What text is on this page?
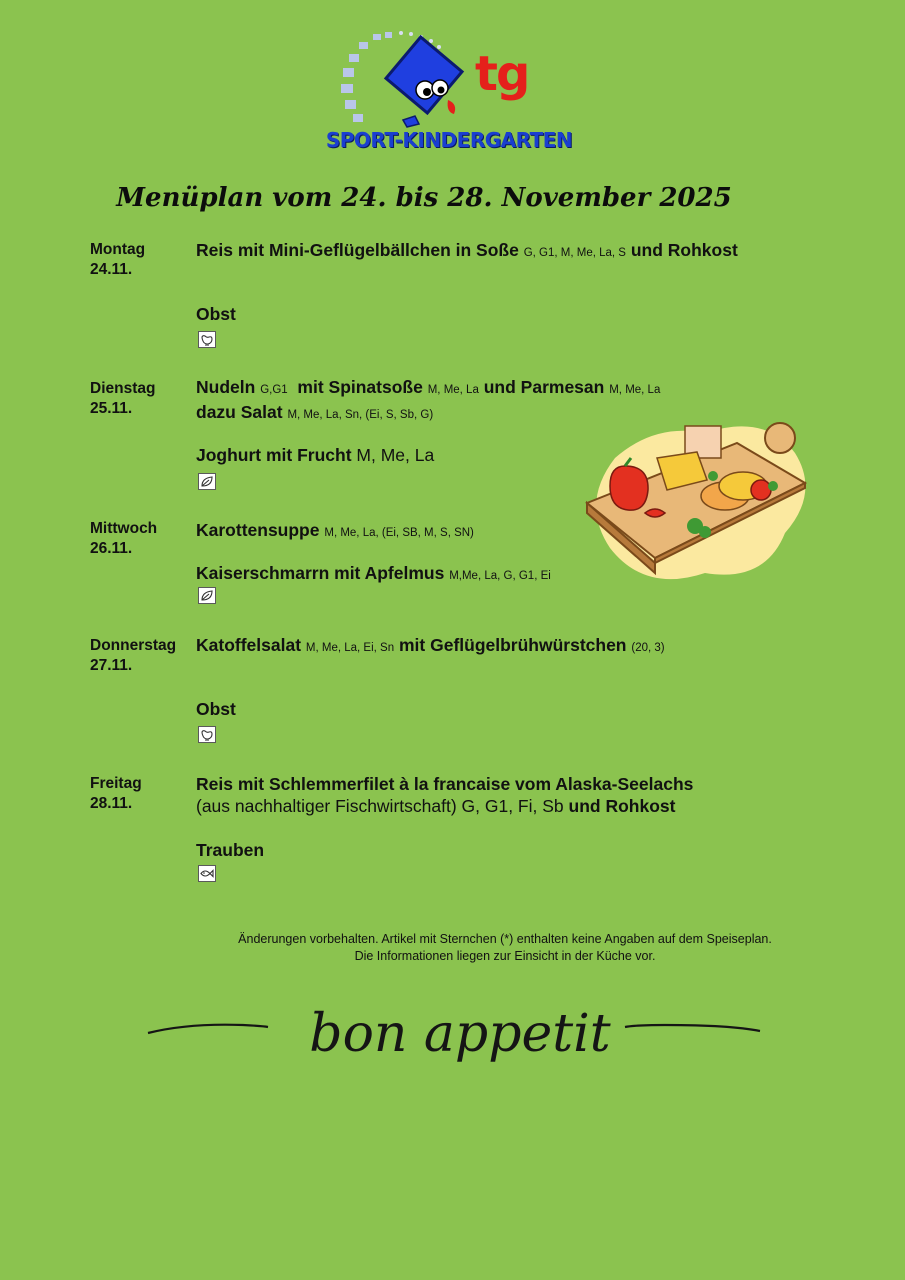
tg
SPORT-KINDERGARTEN
Menüplan vom 24. bis 28. November 2025
Montag
24.11.
Reis mit Mini-Geflügelbällchen in Soße G, G1, M, Me, La, S und Rohkost
Obst
Dienstag
25.11.
Nudeln G,G1 mit Spinatsoße M, Me, La und Parmesan M, Me, La
dazu Salat M, Me, La, Sn, (Ei, S, Sb, G)
Joghurt mit Frucht M, Me, La
Mittwoch
26.11.
Karottensuppe M, Me, La, (Ei, SB, M, S, SN)
Kaiserschmarrn mit Apfelmus M,Me, La, G, G1, Ei
Donnerstag
27.11.
Katoffelsalat M, Me, La, Ei, Sn mit Geflügelbrühwürstchen (20, 3)
Obst
Freitag
28.11.
Reis mit Schlemmerfilet à la francaise vom Alaska-Seelachs
(aus nachhaltiger Fischwirtschaft) G, G1, Fi, Sb und Rohkost
Trauben
Änderungen vorbehalten. Artikel mit Sternchen (*) enthalten keine Angaben auf dem Speiseplan.
Die Informationen liegen zur Einsicht in der Küche vor.
bon appetit
